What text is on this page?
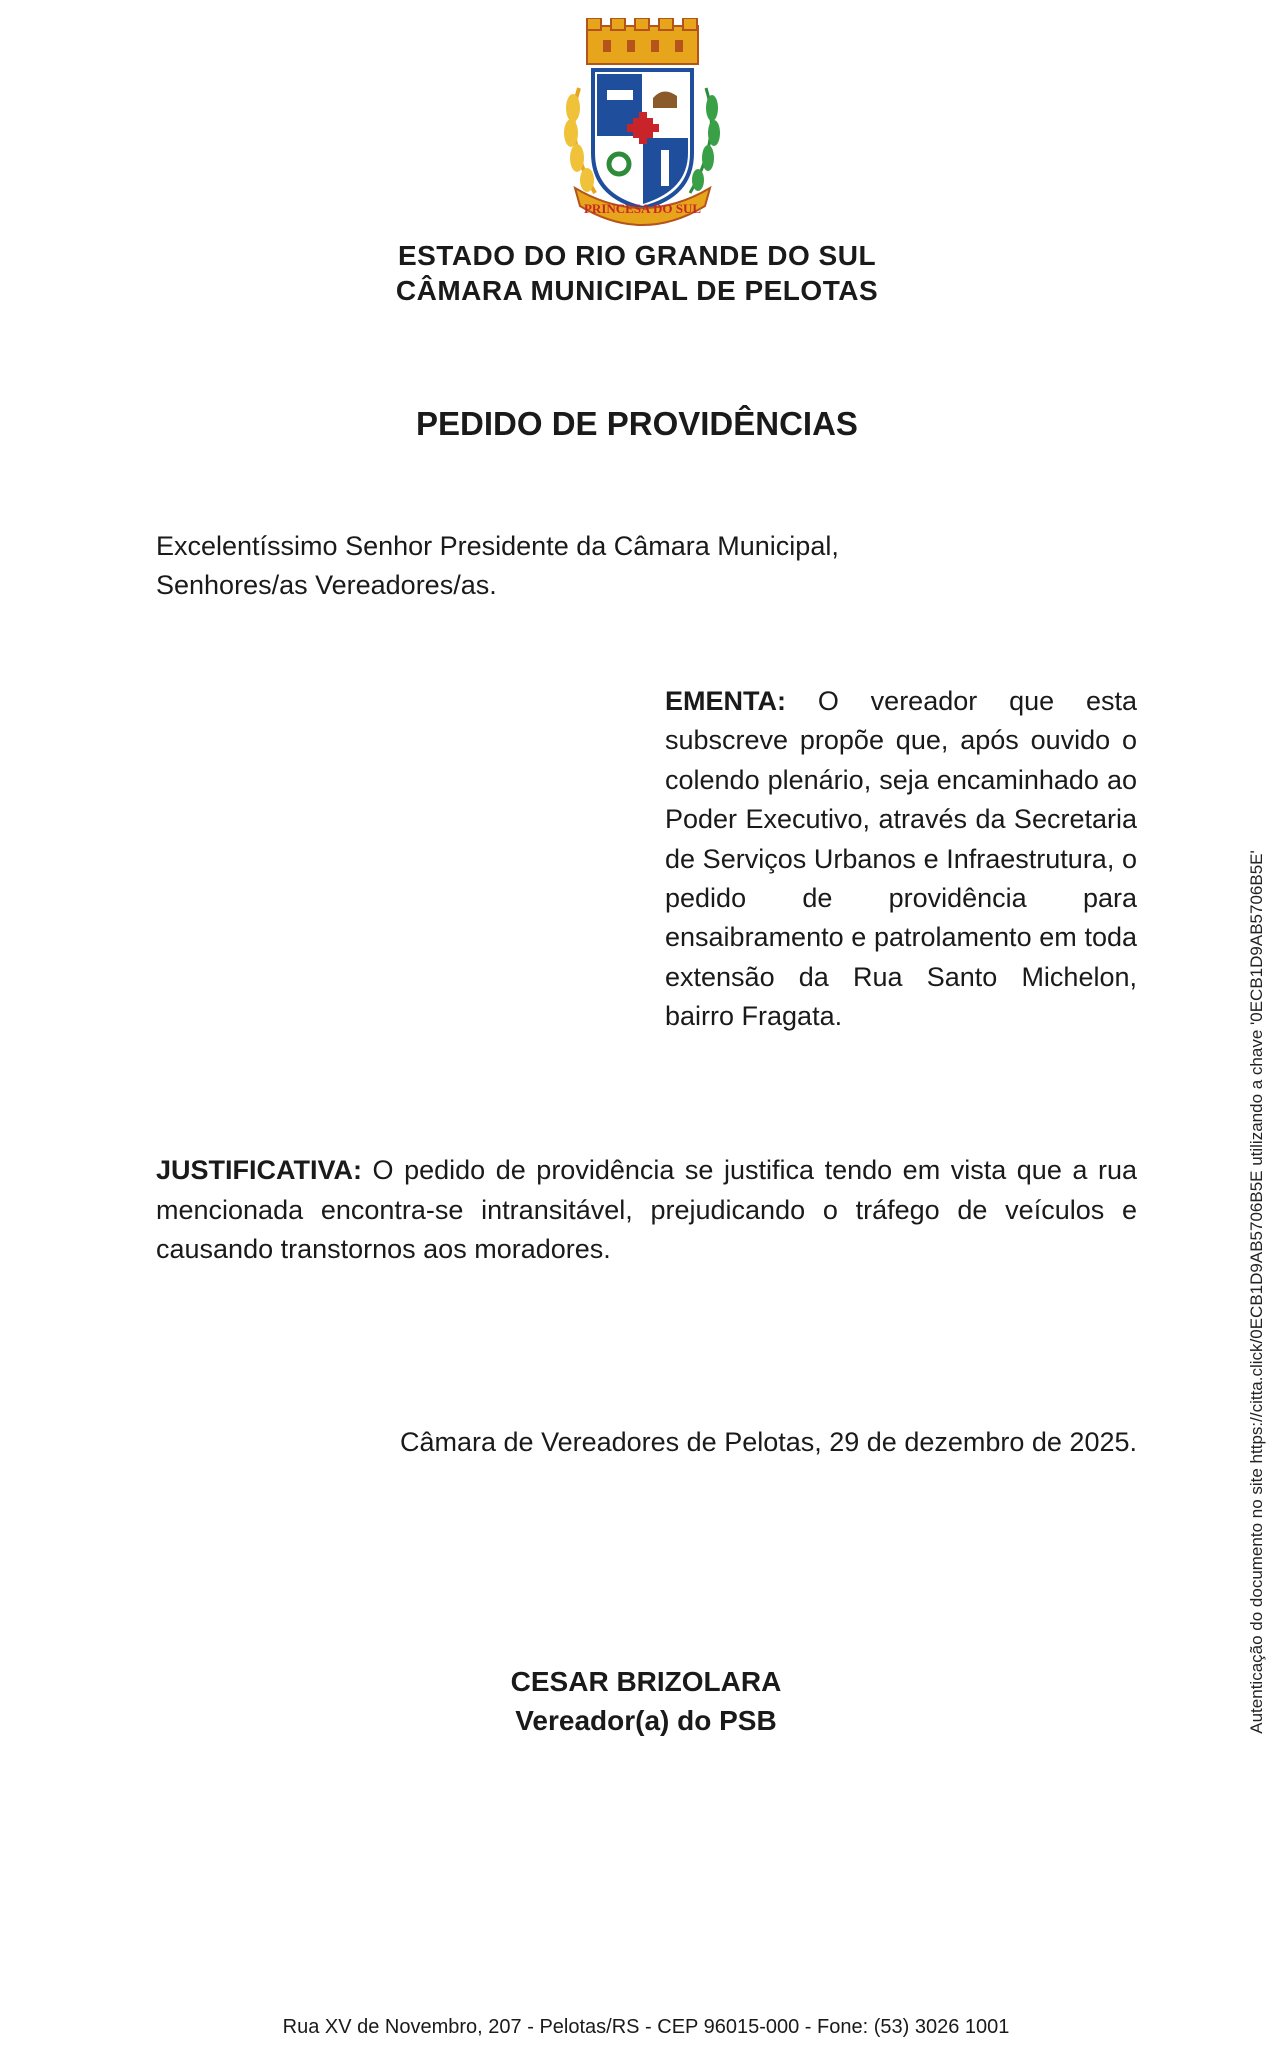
PRINCESA DO SUL
ESTADO DO RIO GRANDE DO SUL
CÂMARA MUNICIPAL DE PELOTAS
PEDIDO DE PROVIDÊNCIAS
Excelentíssimo Senhor Presidente da Câmara Municipal,
Senhores/as Vereadores/as.
EMENTA: O vereador que esta subscreve propõe que, após ouvido o colendo plenário, seja encaminhado ao Poder Executivo, através da Secretaria de Serviços Urbanos e Infraestrutura, o pedido de providência para ensaibramento e patrolamento em toda extensão da Rua Santo Michelon, bairro Fragata.
JUSTIFICATIVA: O pedido de providência se justifica tendo em vista que a rua mencionada encontra-se intransitável, prejudicando o tráfego de veículos e causando transtornos aos moradores.
Câmara de Vereadores de Pelotas, 29 de dezembro de 2025.
CESAR BRIZOLARA
Vereador(a) do PSB
Rua XV de Novembro, 207 - Pelotas/RS - CEP 96015-000 - Fone: (53) 3026 1001
Autenticação do documento no site https://citta.click/0ECB1D9AB5706B5E utilizando a chave '0ECB1D9AB5706B5E'
